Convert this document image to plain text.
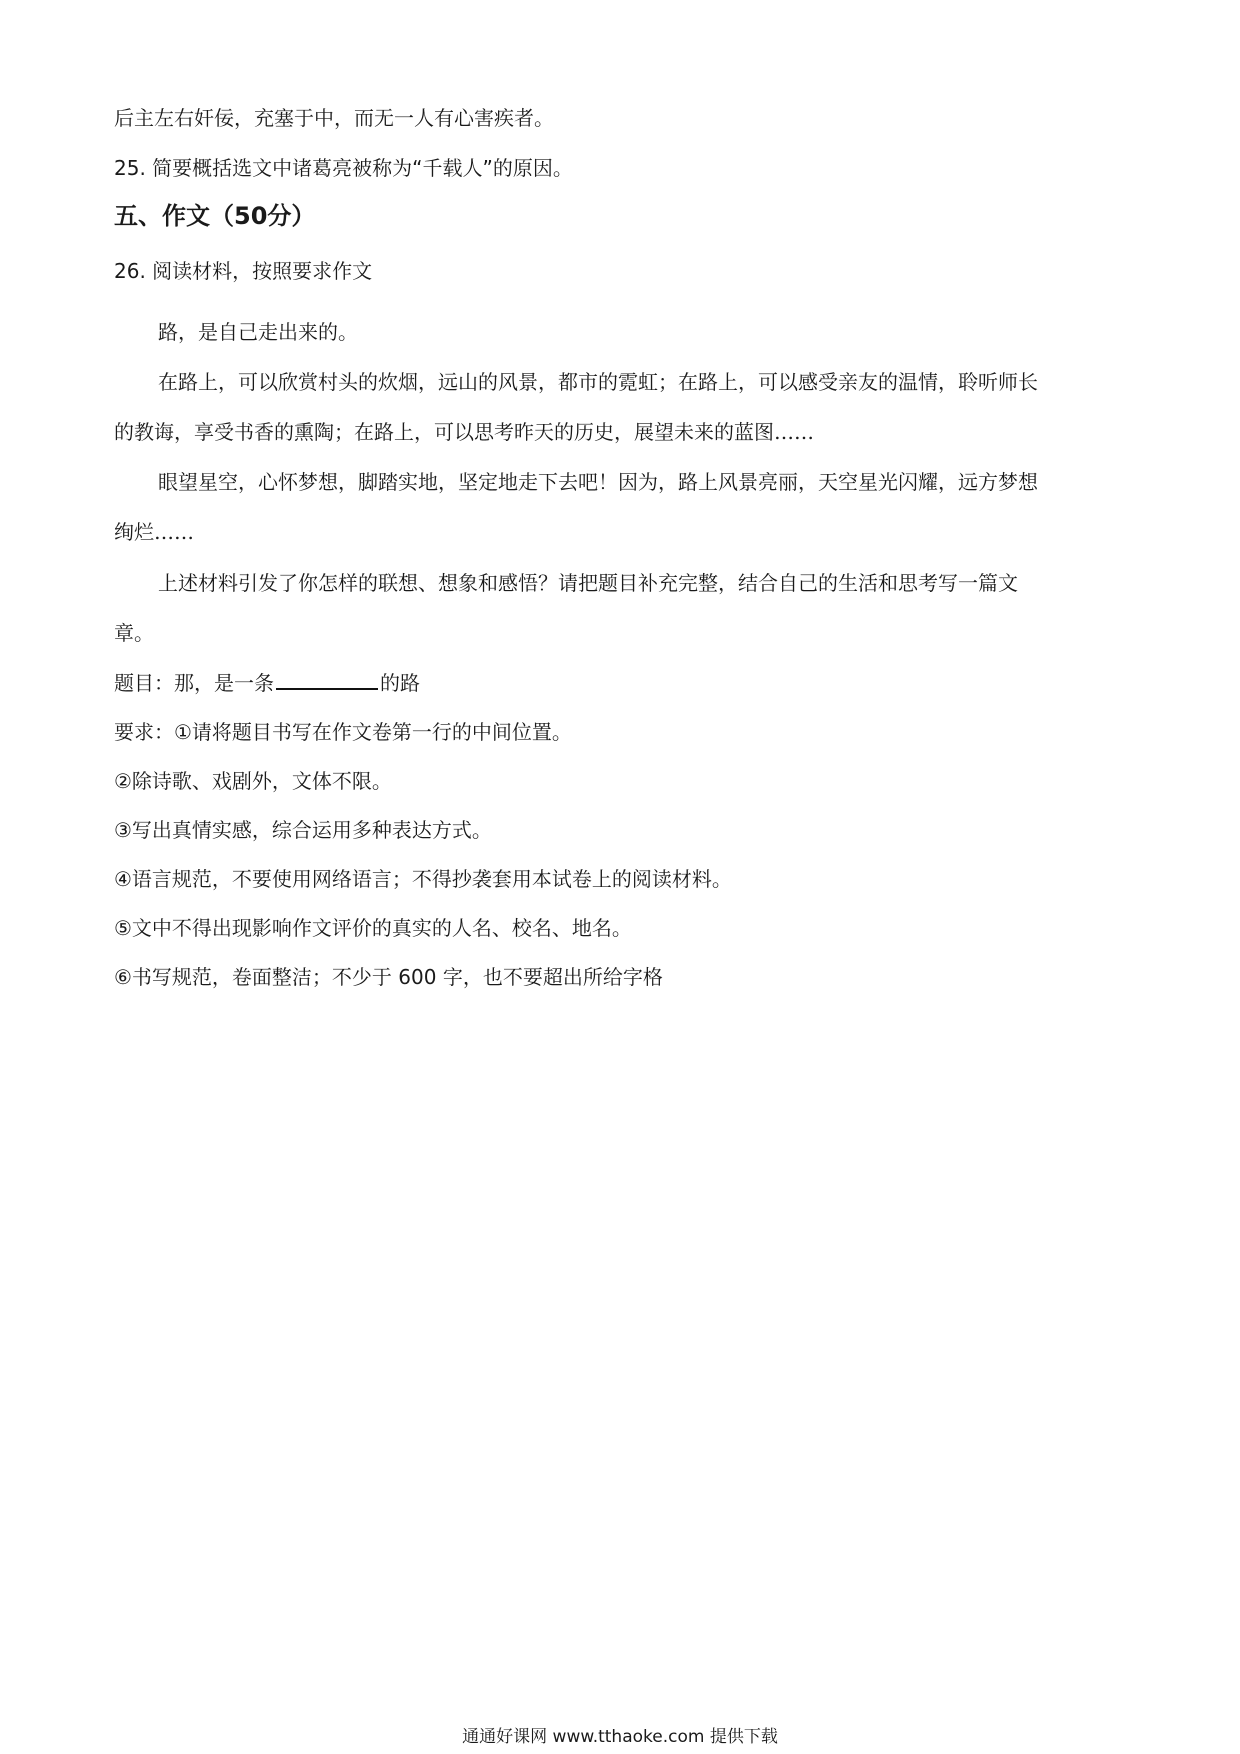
后主左右奸佞，充塞于中，而无一人有心害疾者。
25. 简要概括选文中诸葛亮被称为“千载人”的原因。
五、作文（50分）
26. 阅读材料，按照要求作文
路，是自己走出来的。
在路上，可以欣赏村头的炊烟，远山的风景，都市的霓虹；在路上，可以感受亲友的温情，聆听师长
的教诲，享受书香的熏陶；在路上，可以思考昨天的历史，展望未来的蓝图……
眼望星空，心怀梦想，脚踏实地，坚定地走下去吧！因为，路上风景亮丽，天空星光闪耀，远方梦想
绚烂……
上述材料引发了你怎样的联想、想象和感悟？请把题目补充完整，结合自己的生活和思考写一篇文
章。
题目：那，是一条	的路
要求：①请将题目书写在作文卷第一行的中间位置。
②除诗歌、戏剧外，文体不限。
③写出真情实感，综合运用多种表达方式。
④语言规范，不要使用网络语言；不得抄袭套用本试卷上的阅读材料。
⑤文中不得出现影响作文评价的真实的人名、校名、地名。
⑥书写规范，卷面整洁；不少于 600 字，也不要超出所给字格
通通好课网 www.tthaoke.com 提供下载
